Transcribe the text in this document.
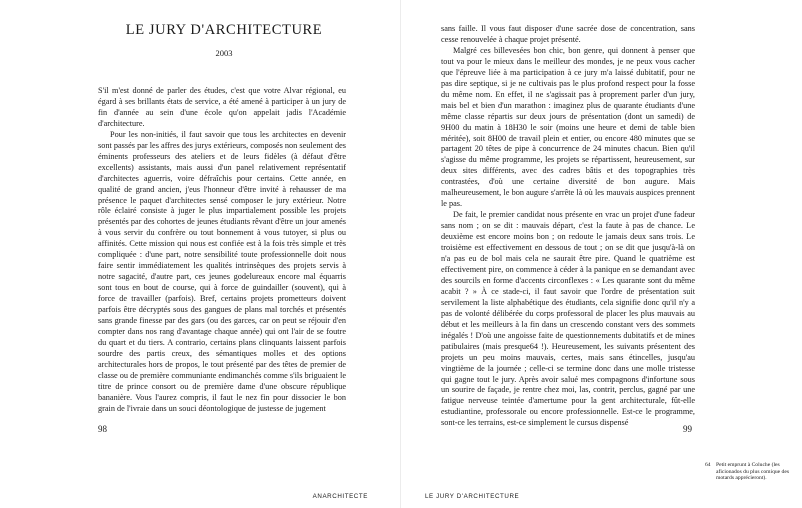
LE JURY D'ARCHITECTURE
2003

S'il m'est donné de parler des études, c'est que votre Alvar régional, eu égard à ses brillants états de service, a été amené à participer à un jury de fin d'année au sein d'une école qu'on appelait jadis l'Académie d'architecture.

Pour les non-initiés, il faut savoir que tous les architectes en devenir sont passés par les affres des jurys extérieurs, composés non seulement des éminents professeurs des ateliers et de leurs fidèles (à défaut d'être excellents) assistants, mais aussi d'un panel relativement représentatif d'architectes aguerris, voire défraîchis pour certains. Cette année, en qualité de grand ancien, j'eus l'honneur d'être invité à rehausser de ma présence le paquet d'architectes sensé composer le jury extérieur. Notre rôle éclairé consiste à juger le plus impartialement possible les projets présentés par des cohortes de jeunes étudiants rêvant d'être un jour amenés à vous servir du confrère ou tout bonnement à vous tutoyer, si plus ou affinités. Cette mission qui nous est confiée est à la fois très simple et très compliquée : d'une part, notre sensibilité toute professionnelle doit nous faire sentir immédiatement les qualités intrinsèques des projets servis à notre sagacité, d'autre part, ces jeunes godelureaux encore mal équarris sont tous en bout de course, qui à force de guindailler (souvent), qui à force de travailler (parfois). Bref, certains projets prometteurs doivent parfois être décryptés sous des gangues de plans mal torchés et présentés sans grande finesse par des gars (ou des garces, car on peut se réjouir d'en compter dans nos rang d'avantage chaque année) qui ont l'air de se foutre du quart et du tiers. A contrario, certains plans clinquants laissent parfois sourdre des partis creux, des sémantiques molles et des options architecturales hors de propos, le tout présenté par des têtes de premier de classe ou de première communiante endimanchés comme s'ils briguaient le titre de prince consort ou de première dame d'une obscure république bananière. Vous l'aurez compris, il faut le nez fin pour dissocier le bon grain de l'ivraie dans un souci déontologique de justesse de jugement

98
ANARCHITECTE

sans faille. Il vous faut disposer d'une sacrée dose de concentration, sans cesse renouvelée à chaque projet présenté.

Malgré ces billevesées bon chic, bon genre, qui donnent à penser que tout va pour le mieux dans le meilleur des mondes, je ne peux vous cacher que l'épreuve liée à ma participation à ce jury m'a laissé dubitatif, pour ne pas dire septique, si je ne cultivais pas le plus profond respect pour la fosse du même nom. En effet, il ne s'agissait pas à proprement parler d'un jury, mais bel et bien d'un marathon : imaginez plus de quarante étudiants d'une même classe répartis sur deux jours de présentation (dont un samedi) de 9H00 du matin à 18H30 le soir (moins une heure et demi de table bien méritée), soit 8H00 de travail plein et entier, ou encore 480 minutes que se partagent 20 têtes de pipe à concurrence de 24 minutes chacun. Bien qu'il s'agisse du même programme, les projets se répartissent, heureusement, sur deux sites différents, avec des cadres bâtis et des topographies très contrastées, d'où une certaine diversité de bon augure. Mais malheureusement, le bon augure s'arrête là où les mauvais auspices prennent le pas.

De fait, le premier candidat nous présente en vrac un projet d'une fadeur sans nom ; on se dit : mauvais départ, c'est la faute à pas de chance. Le deuxième est encore moins bon ; on redoute le jamais deux sans trois. Le troisième est effectivement en dessous de tout ; on se dit que jusqu'à-là on n'a pas eu de bol mais cela ne saurait être pire. Quand le quatrième est effectivement pire, on commence à céder à la panique en se demandant avec des sourcils en forme d'accents circonflexes : « Les quarante sont du même acabit ? » À ce stade-ci, il faut savoir que l'ordre de présentation suit servilement la liste alphabétique des étudiants, cela signifie donc qu'il n'y a pas de volonté délibérée du corps professoral de placer les plus mauvais au début et les meilleurs à la fin dans un crescendo constant vers des sommets inégalés ! D'où une angoisse faite de questionnements dubitatifs et de mines patibulaires (mais presque64 !). Heureusement, les suivants présentent des projets un peu moins mauvais, certes, mais sans étincelles, jusqu'au vingtième de la journée ; celle-ci se termine donc dans une molle tristesse qui gagne tout le jury. Après avoir salué mes compagnons d'infortune sous un sourire de façade, je rentre chez moi, las, contrit, perclus, gagné par une fatigue nerveuse teintée d'amertume pour la gent architecturale, fût-elle estudiantine, professorale ou encore professionnelle. Est-ce le programme, sont-ce les terrains, est-ce simplement le cursus dispensé

99
LE JURY D'ARCHITECTURE
64 Petit emprunt à Coluche (les aficionados du plus comique des motards apprécieront).
